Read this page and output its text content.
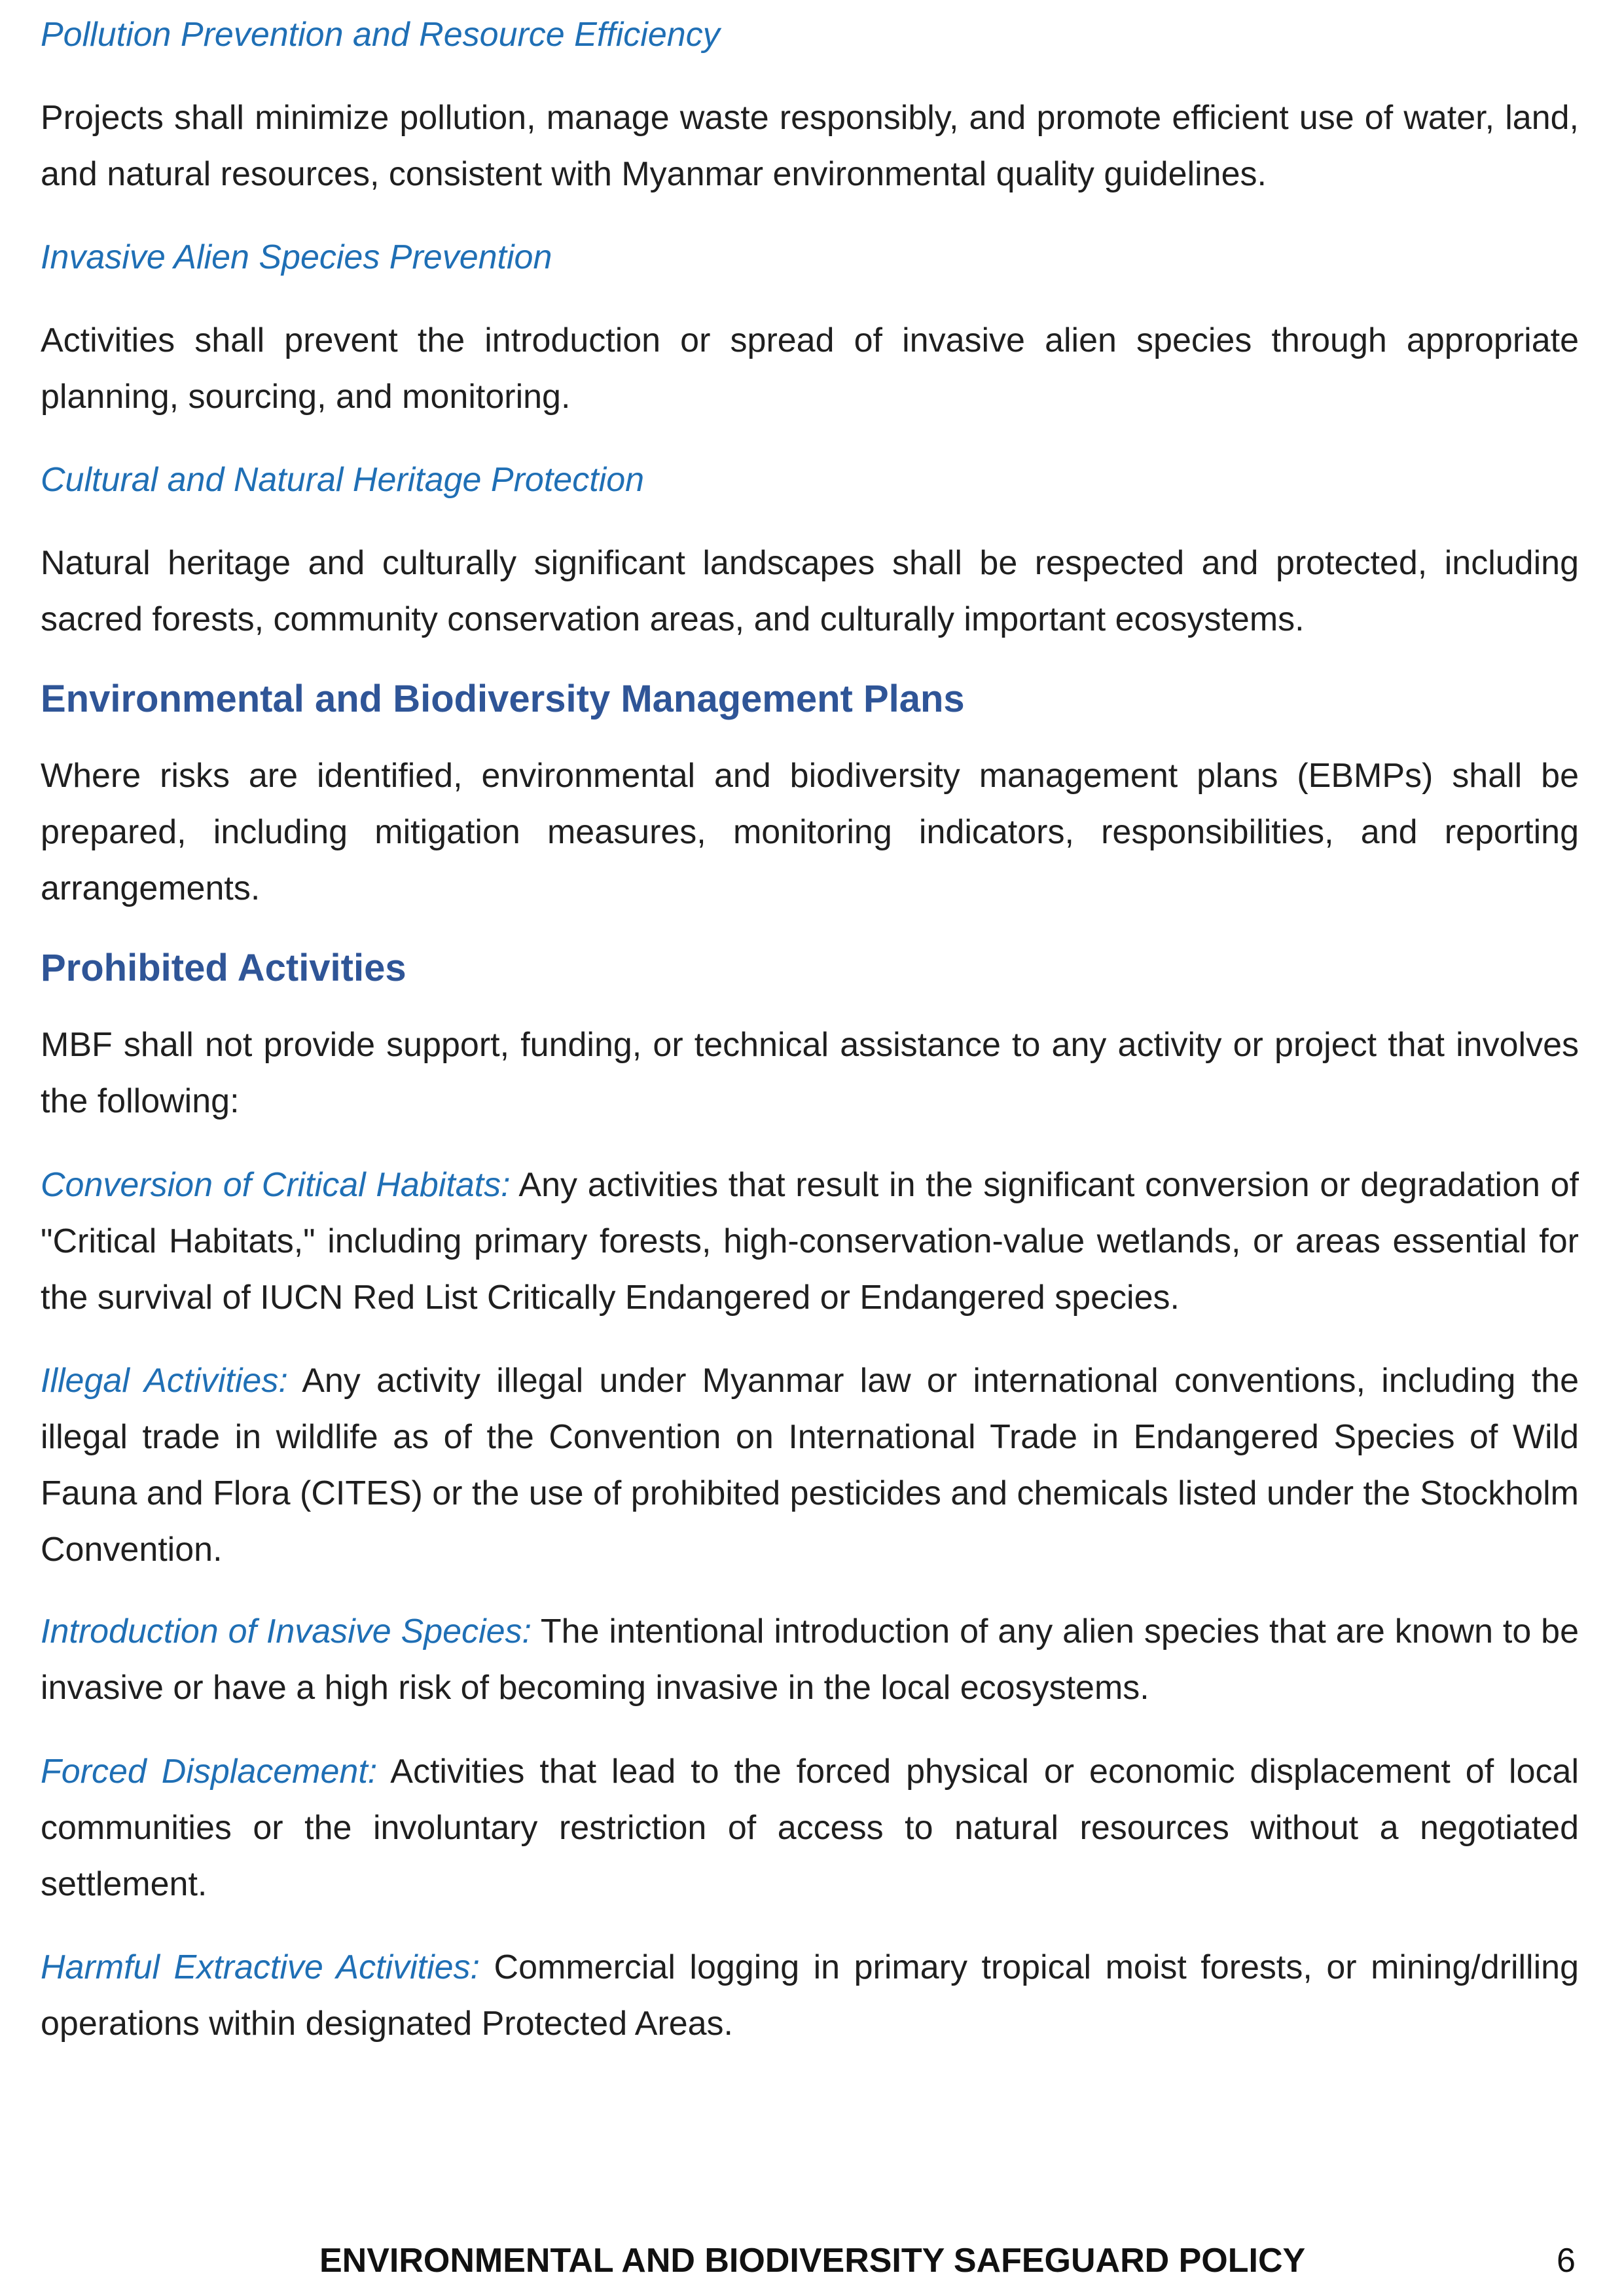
Pollution Prevention and Resource Efficiency

Projects shall minimize pollution, manage waste responsibly, and promote efficient use of water, land, and natural resources, consistent with Myanmar environmental quality guidelines.

Invasive Alien Species Prevention

Activities shall prevent the introduction or spread of invasive alien species through appropriate planning, sourcing, and monitoring.

Cultural and Natural Heritage Protection

Natural heritage and culturally significant landscapes shall be respected and protected, including sacred forests, community conservation areas, and culturally important ecosystems.

Environmental and Biodiversity Management Plans

Where risks are identified, environmental and biodiversity management plans (EBMPs) shall be prepared, including mitigation measures, monitoring indicators, responsibilities, and reporting arrangements.

Prohibited Activities

MBF shall not provide support, funding, or technical assistance to any activity or project that involves the following:

Conversion of Critical Habitats: Any activities that result in the significant conversion or degradation of "Critical Habitats," including primary forests, high-conservation-value wetlands, or areas essential for the survival of IUCN Red List Critically Endangered or Endangered species.

Illegal Activities: Any activity illegal under Myanmar law or international conventions, including the illegal trade in wildlife as of the Convention on International Trade in Endangered Species of Wild Fauna and Flora (CITES) or the use of prohibited pesticides and chemicals listed under the Stockholm Convention.

Introduction of Invasive Species: The intentional introduction of any alien species that are known to be invasive or have a high risk of becoming invasive in the local ecosystems.

Forced Displacement: Activities that lead to the forced physical or economic displacement of local communities or the involuntary restriction of access to natural resources without a negotiated settlement.

Harmful Extractive Activities: Commercial logging in primary tropical moist forests, or mining/drilling operations within designated Protected Areas.

ENVIRONMENTAL AND BIODIVERSITY SAFEGUARD POLICY	6
